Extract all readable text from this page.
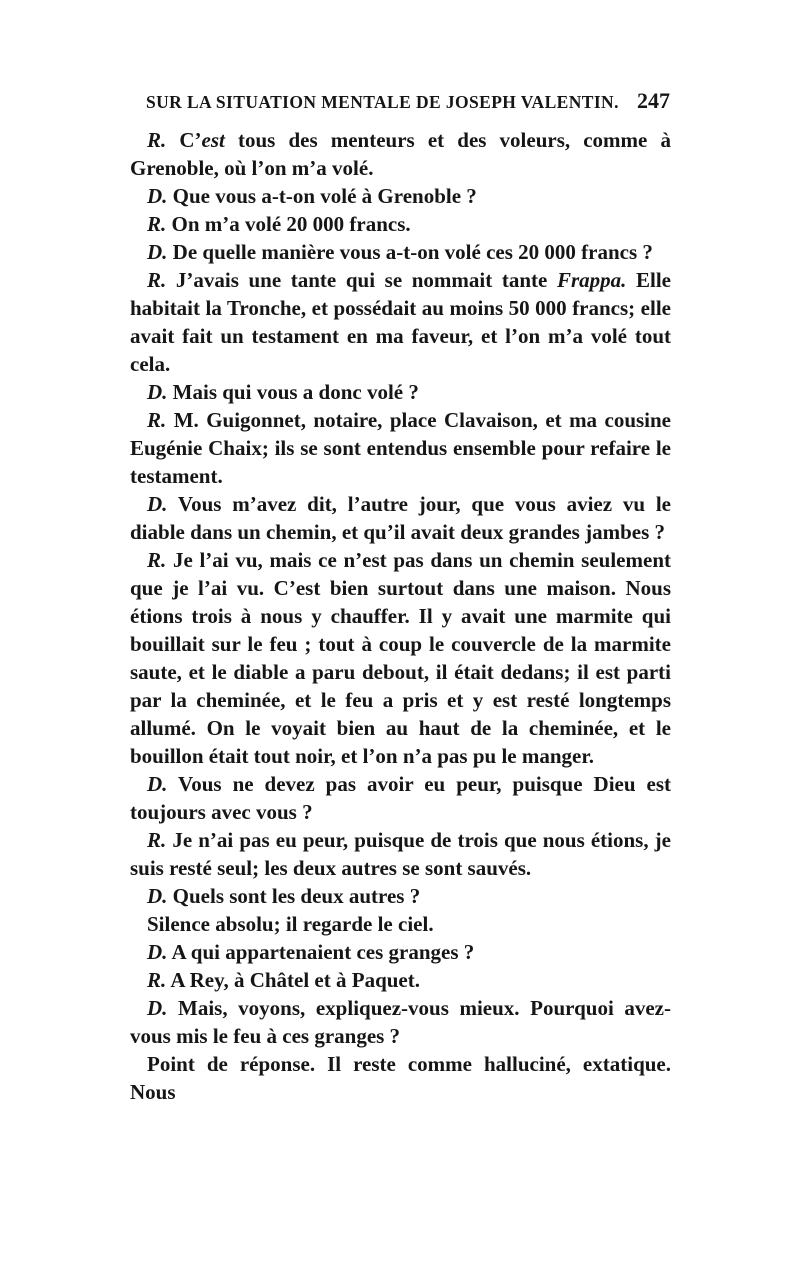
SUR LA SITUATION MENTALE DE JOSEPH VALENTIN. 247

R. C’est tous des menteurs et des voleurs, comme à Grenoble, où l’on m’a volé.

D. Que vous a-t-on volé à Grenoble ?

R. On m’a volé 20 000 francs.

D. De quelle manière vous a-t-on volé ces 20 000 francs ?

R. J’avais une tante qui se nommait tante Frappa. Elle habitait la Tronche, et possédait au moins 50 000 francs; elle avait fait un testament en ma faveur, et l’on m’a volé tout cela.

D. Mais qui vous a donc volé ?

R. M. Guigonnet, notaire, place Clavaison, et ma cousine Eugénie Chaix; ils se sont entendus ensemble pour refaire le testament.

D. Vous m’avez dit, l’autre jour, que vous aviez vu le diable dans un chemin, et qu’il avait deux grandes jambes ?

R. Je l’ai vu, mais ce n’est pas dans un chemin seulement que je l’ai vu. C’est bien surtout dans une maison. Nous étions trois à nous y chauffer. Il y avait une marmite qui bouillait sur le feu ; tout à coup le couvercle de la marmite saute, et le diable a paru debout, il était dedans; il est parti par la cheminée, et le feu a pris et y est resté longtemps allumé. On le voyait bien au haut de la cheminée, et le bouillon était tout noir, et l’on n’a pas pu le manger.

D. Vous ne devez pas avoir eu peur, puisque Dieu est toujours avec vous ?

R. Je n’ai pas eu peur, puisque de trois que nous étions, je suis resté seul; les deux autres se sont sauvés.

D. Quels sont les deux autres ?

Silence absolu; il regarde le ciel.

D. A qui appartenaient ces granges ?

R. A Rey, à Châtel et à Paquet.

D. Mais, voyons, expliquez-vous mieux. Pourquoi avez-vous mis le feu à ces granges ?

Point de réponse. Il reste comme halluciné, extatique. Nous
